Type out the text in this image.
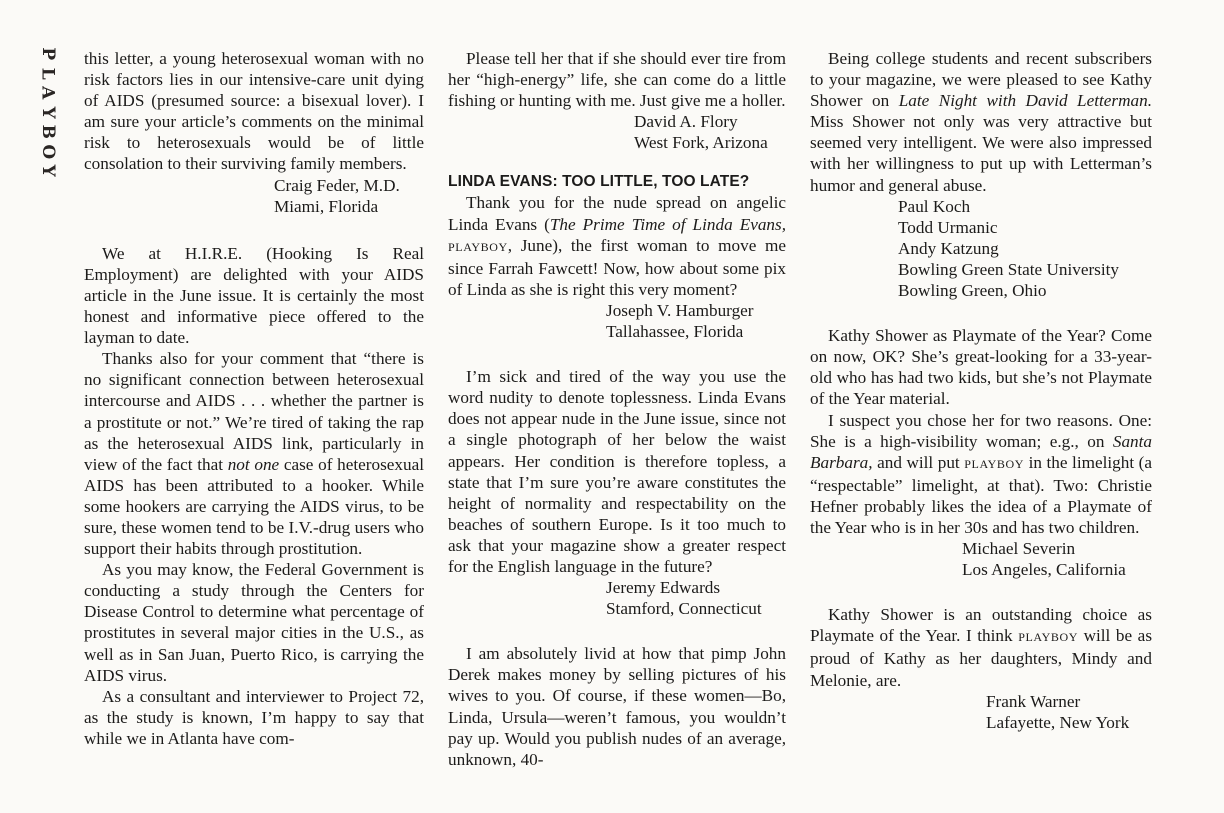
P
L
A
Y
B
O
Y

this letter, a young heterosexual woman with no risk factors lies in our intensive-care unit dying of AIDS (presumed source: a bisexual lover). I am sure your article’s comments on the minimal risk to heterosexuals would be of little consolation to their surviving family members.

Craig Feder, M.D.
Miami, Florida

We at H.I.R.E. (Hooking Is Real Employment) are delighted with your AIDS article in the June issue. It is certainly the most honest and informative piece offered to the layman to date.

Thanks also for your comment that “there is no significant connection between heterosexual intercourse and AIDS . . . whether the partner is a prostitute or not.” We’re tired of taking the rap as the heterosexual AIDS link, particularly in view of the fact that not one case of heterosexual AIDS has been attributed to a hooker. While some hookers are carrying the AIDS virus, to be sure, these women tend to be I.V.-drug users who support their habits through prostitution.

As you may know, the Federal Government is conducting a study through the Centers for Disease Control to determine what percentage of prostitutes in several major cities in the U.S., as well as in San Juan, Puerto Rico, is carrying the AIDS virus.

As a consultant and interviewer to Project 72, as the study is known, I’m happy to say that while we in Atlanta have com-

Please tell her that if she should ever tire from her “high-energy” life, she can come do a little fishing or hunting with me. Just give me a holler.

David A. Flory
West Fork, Arizona

LINDA EVANS: TOO LITTLE, TOO LATE?

Thank you for the nude spread on angelic Linda Evans (The Prime Time of Linda Evans, PLAYBOY, June), the first woman to move me since Farrah Fawcett! Now, how about some pix of Linda as she is right this very moment?

Joseph V. Hamburger
Tallahassee, Florida

I’m sick and tired of the way you use the word nudity to denote toplessness. Linda Evans does not appear nude in the June issue, since not a single photograph of her below the waist appears. Her condition is therefore topless, a state that I’m sure you’re aware constitutes the height of normality and respectability on the beaches of southern Europe. Is it too much to ask that your magazine show a greater respect for the English language in the future?

Jeremy Edwards
Stamford, Connecticut

I am absolutely livid at how that pimp John Derek makes money by selling pictures of his wives to you. Of course, if these women—Bo, Linda, Ursula—weren’t famous, you wouldn’t pay up. Would you publish nudes of an average, unknown, 40-

Being college students and recent subscribers to your magazine, we were pleased to see Kathy Shower on Late Night with David Letterman. Miss Shower not only was very attractive but seemed very intelligent. We were also impressed with her willingness to put up with Letterman’s humor and general abuse.

Paul Koch
Todd Urmanic
Andy Katzung
Bowling Green State University
Bowling Green, Ohio

Kathy Shower as Playmate of the Year? Come on now, OK? She’s great-looking for a 33-year-old who has had two kids, but she’s not Playmate of the Year material.

I suspect you chose her for two reasons. One: She is a high-visibility woman; e.g., on Santa Barbara, and will put PLAYBOY in the limelight (a “respectable” limelight, at that). Two: Christie Hefner probably likes the idea of a Playmate of the Year who is in her 30s and has two children.

Michael Severin
Los Angeles, California

Kathy Shower is an outstanding choice as Playmate of the Year. I think PLAYBOY will be as proud of Kathy as her daughters, Mindy and Melonie, are.

Frank Warner
Lafayette, New York
